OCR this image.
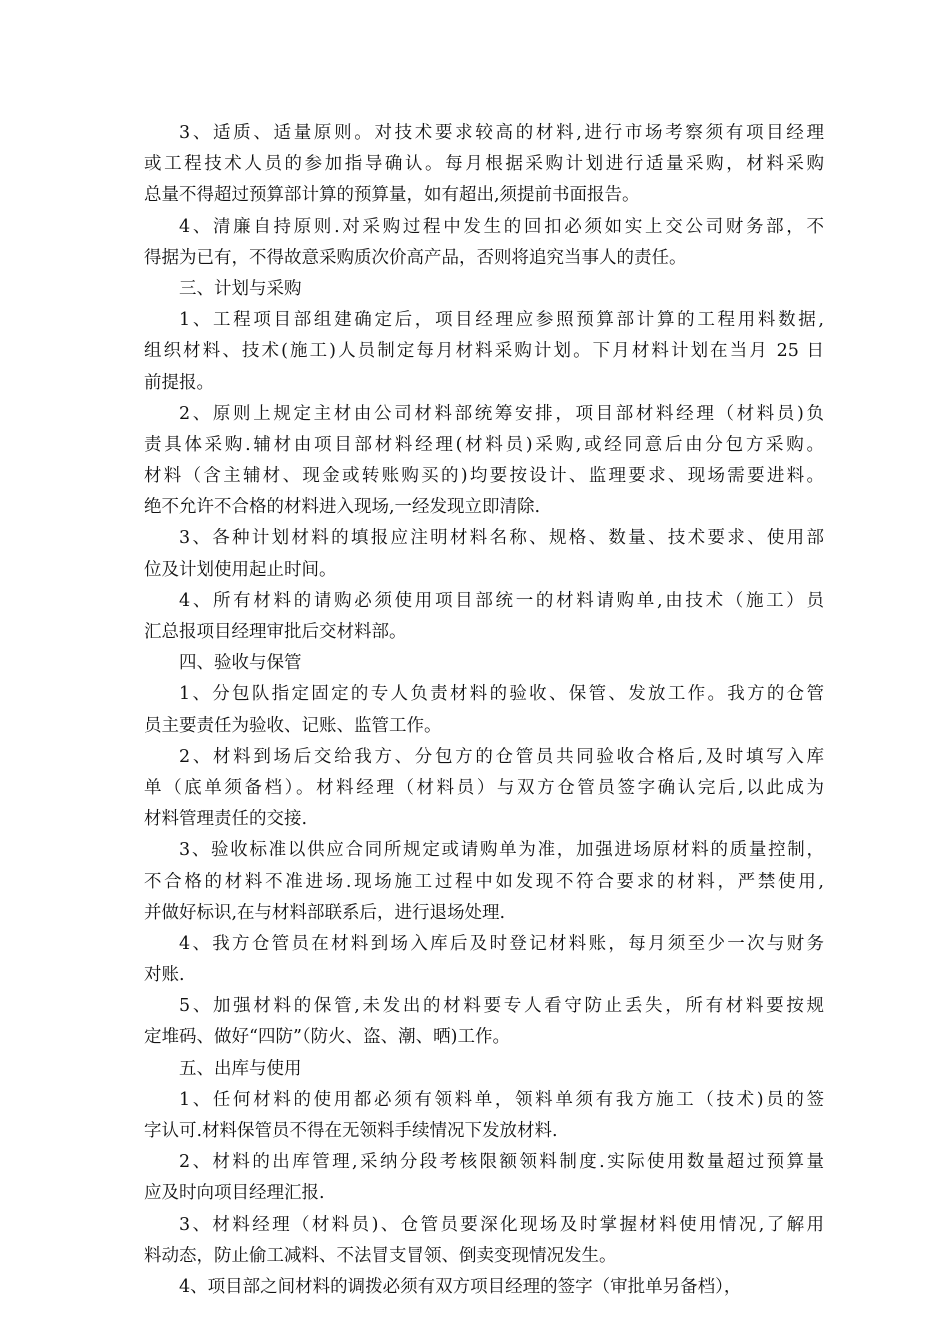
3、适质、适量原则。对技术要求较高的材料,进行市场考察须有项目经理
或工程技术人员的参加指导确认。每月根据采购计划进行适量采购，材料采购
总量不得超过预算部计算的预算量，如有超出,须提前书面报告。
4、清廉自持原则.对采购过程中发生的回扣必须如实上交公司财务部，不
得据为已有，不得故意采购质次价高产品，否则将追究当事人的责任。
三、计划与采购
1、工程项目部组建确定后，项目经理应参照预算部计算的工程用料数据,
组织材料、技术(施工)人员制定每月材料采购计划。下月材料计划在当月 25 日
前提报。
2、原则上规定主材由公司材料部统筹安排，项目部材料经理（材料员)负
责具体采购.辅材由项目部材料经理(材料员)采购,或经同意后由分包方采购。
材料（含主辅材、现金或转账购买的)均要按设计、监理要求、现场需要进料。
绝不允许不合格的材料进入现场,一经发现立即清除.
3、各种计划材料的填报应注明材料名称、规格、数量、技术要求、使用部
位及计划使用起止时间。
4、所有材料的请购必须使用项目部统一的材料请购单,由技术（施工）员
汇总报项目经理审批后交材料部。
四、验收与保管
1、分包队指定固定的专人负责材料的验收、保管、发放工作。我方的仓管
员主要责任为验收、记账、监管工作。
2、材料到场后交给我方、分包方的仓管员共同验收合格后,及时填写入库
单（底单须备档）。材料经理（材料员）与双方仓管员签字确认完后,以此成为
材料管理责任的交接.
3、验收标准以供应合同所规定或请购单为准，加强进场原材料的质量控制，
不合格的材料不准进场.现场施工过程中如发现不符合要求的材料，严禁使用,
并做好标识,在与材料部联系后，进行退场处理.
4、我方仓管员在材料到场入库后及时登记材料账，每月须至少一次与财务
对账.
5、加强材料的保管,未发出的材料要专人看守防止丢失，所有材料要按规
定堆码、做好“四防”（防火、盗、潮、晒)工作。
五、出库与使用
1、任何材料的使用都必须有领料单，领料单须有我方施工（技术)员的签
字认可.材料保管员不得在无领料手续情况下发放材料.
2、材料的出库管理,采纳分段考核限额领料制度.实际使用数量超过预算量
应及时向项目经理汇报.
3、材料经理（材料员)、仓管员要深化现场及时掌握材料使用情况,了解用
料动态，防止偷工减料、不法冒支冒领、倒卖变现情况发生。
4、项目部之间材料的调拨必须有双方项目经理的签字（审批单另备档），
